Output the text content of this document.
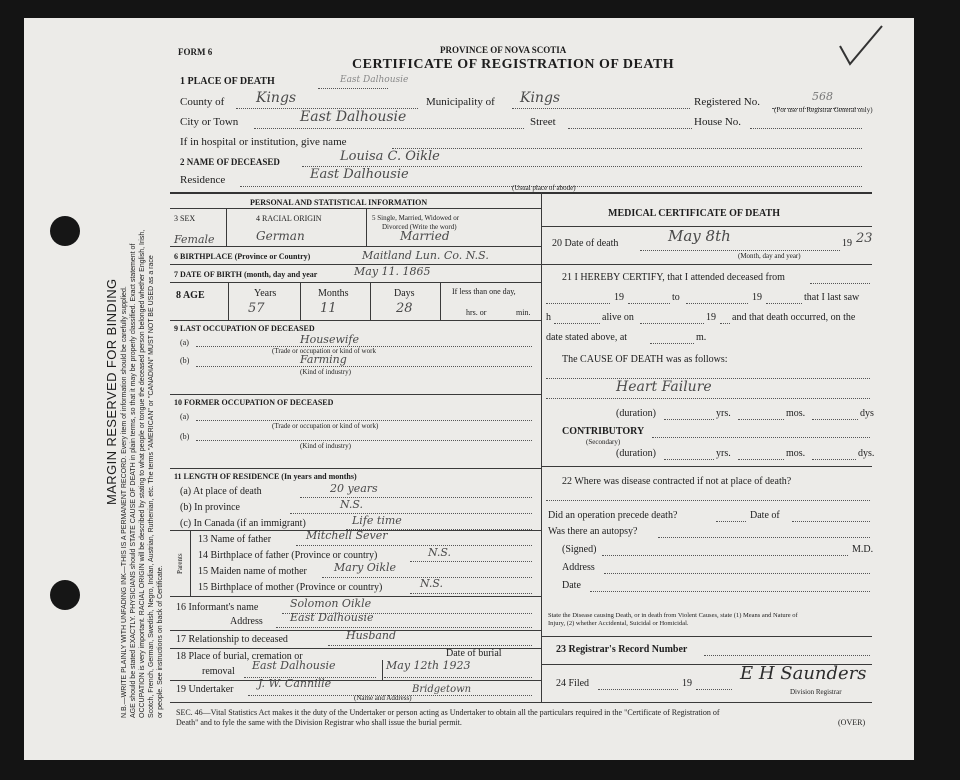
MARGIN RESERVED FOR BINDING N.B.—WRITE PLAINLY WITH UNFADING INK—THIS IS A PERMANENT RECORD. Every item of information should be carefully supplied. AGE should be stated EXACTLY. PHYSICIANS should STATE CAUSE OF DEATH in plain terms, so that it may be properly classified. Exact statement of OCCUPATION is very important. RACIAL ORIGIN will be described by stating to what people or tongue the deceased person belonged whether English, Irish, Scotch, French, German, Swedish, Negro, Indian, Austrian, Ruthenian, etc. The terms "AMERICAN" or "CANADIAN" MUST NOT BE USED as a race or people. See instructions on back of Certificate.
FORM 6	PROVINCE OF NOVA SCOTIA
CERTIFICATE OF REGISTRATION OF DEATH
1 PLACE OF DEATH	East Dalhousie
County of Kings	Municipality of Kings	Registered No.	568
(For use of Registrar General only)
City or Town	East Dalhousie	Street	House No.
If in hospital or institution, give name
2 NAME OF DECEASED	Louisa C. Oikle
Residence	East Dalhousie
(Usual place of abode)
PERSONAL AND STATISTICAL INFORMATION
3 SEX	4 RACIAL ORIGIN	5 Single, Married, Widowed or
Divorced (Write the word)
Female	German	Married
6 BIRTHPLACE (Province or Country)	Maitland Lun. Co. N.S.
7 DATE OF BIRTH (month, day and year	May 11. 1865
8 AGE	Years	Months	Days	If less than one day,
57	11	28	hrs. or	min.
9 LAST OCCUPATION OF DECEASED
(a)	Housewife
(Trade or occupation or kind of work
(b)	Farming
(Kind of industry)
10 FORMER OCCUPATION OF DECEASED
(a)
(Trade or occupation or kind of work)
(b)
(Kind of industry)
11 LENGTH OF RESIDENCE (In years and months)
(a) At place of death	20 years
(b) In province	N.S.
(c) In Canada (if an immigrant)	Life time
Parents
13 Name of father	Mitchell Sever
14 Birthplace of father (Province or country)	N.S.
15 Maiden name of mother Mary Oikle
15 Birthplace of mother (Province or country)	N.S.
16 Informant's name	Solomon Oikle
Address East Dalhousie
17 Relationship to deceased	Husband
18 Place of burial, cremation or	Date of burial
removal East Dalhousie	May 12th 1923
19 Undertaker J. W. Cannille	Bridgetown
(Name and Address)
MEDICAL CERTIFICATE OF DEATH
20 Date of death	May 8th	19 23
(Month, day and year)
21 I HEREBY CERTIFY, that I attended deceased from
19	to	19	that I last saw
h	alive on	19 and that death occurred, on the
date stated above, at	m.
The CAUSE OF DEATH was as follows:
Heart Failure
(duration)	yrs.	mos.	dys
CONTRIBUTORY
(Secondary)
(duration)	yrs.	mos.	dys.
22 Where was disease contracted if not at place of death?
Did an operation precede death?	Date of
Was there an autopsy?
(Signed)	M.D.
Address
Date
State the Disease causing Death, or in death from Violent Causes, state (1) Means and Nature of
Injury, (2) whether Accidental, Suicidal or Homicidal.
23 Registrar's Record Number
24 Filed	19	E H Saunders
Division Registrar
SEC. 46—Vital Statistics Act makes it the duty of the Undertaker or person acting as Undertaker to obtain all the particulars required in the "Certificate of Registration of
Death" and to fyle the same with the Division Registrar who shall issue the burial permit.	(OVER)
